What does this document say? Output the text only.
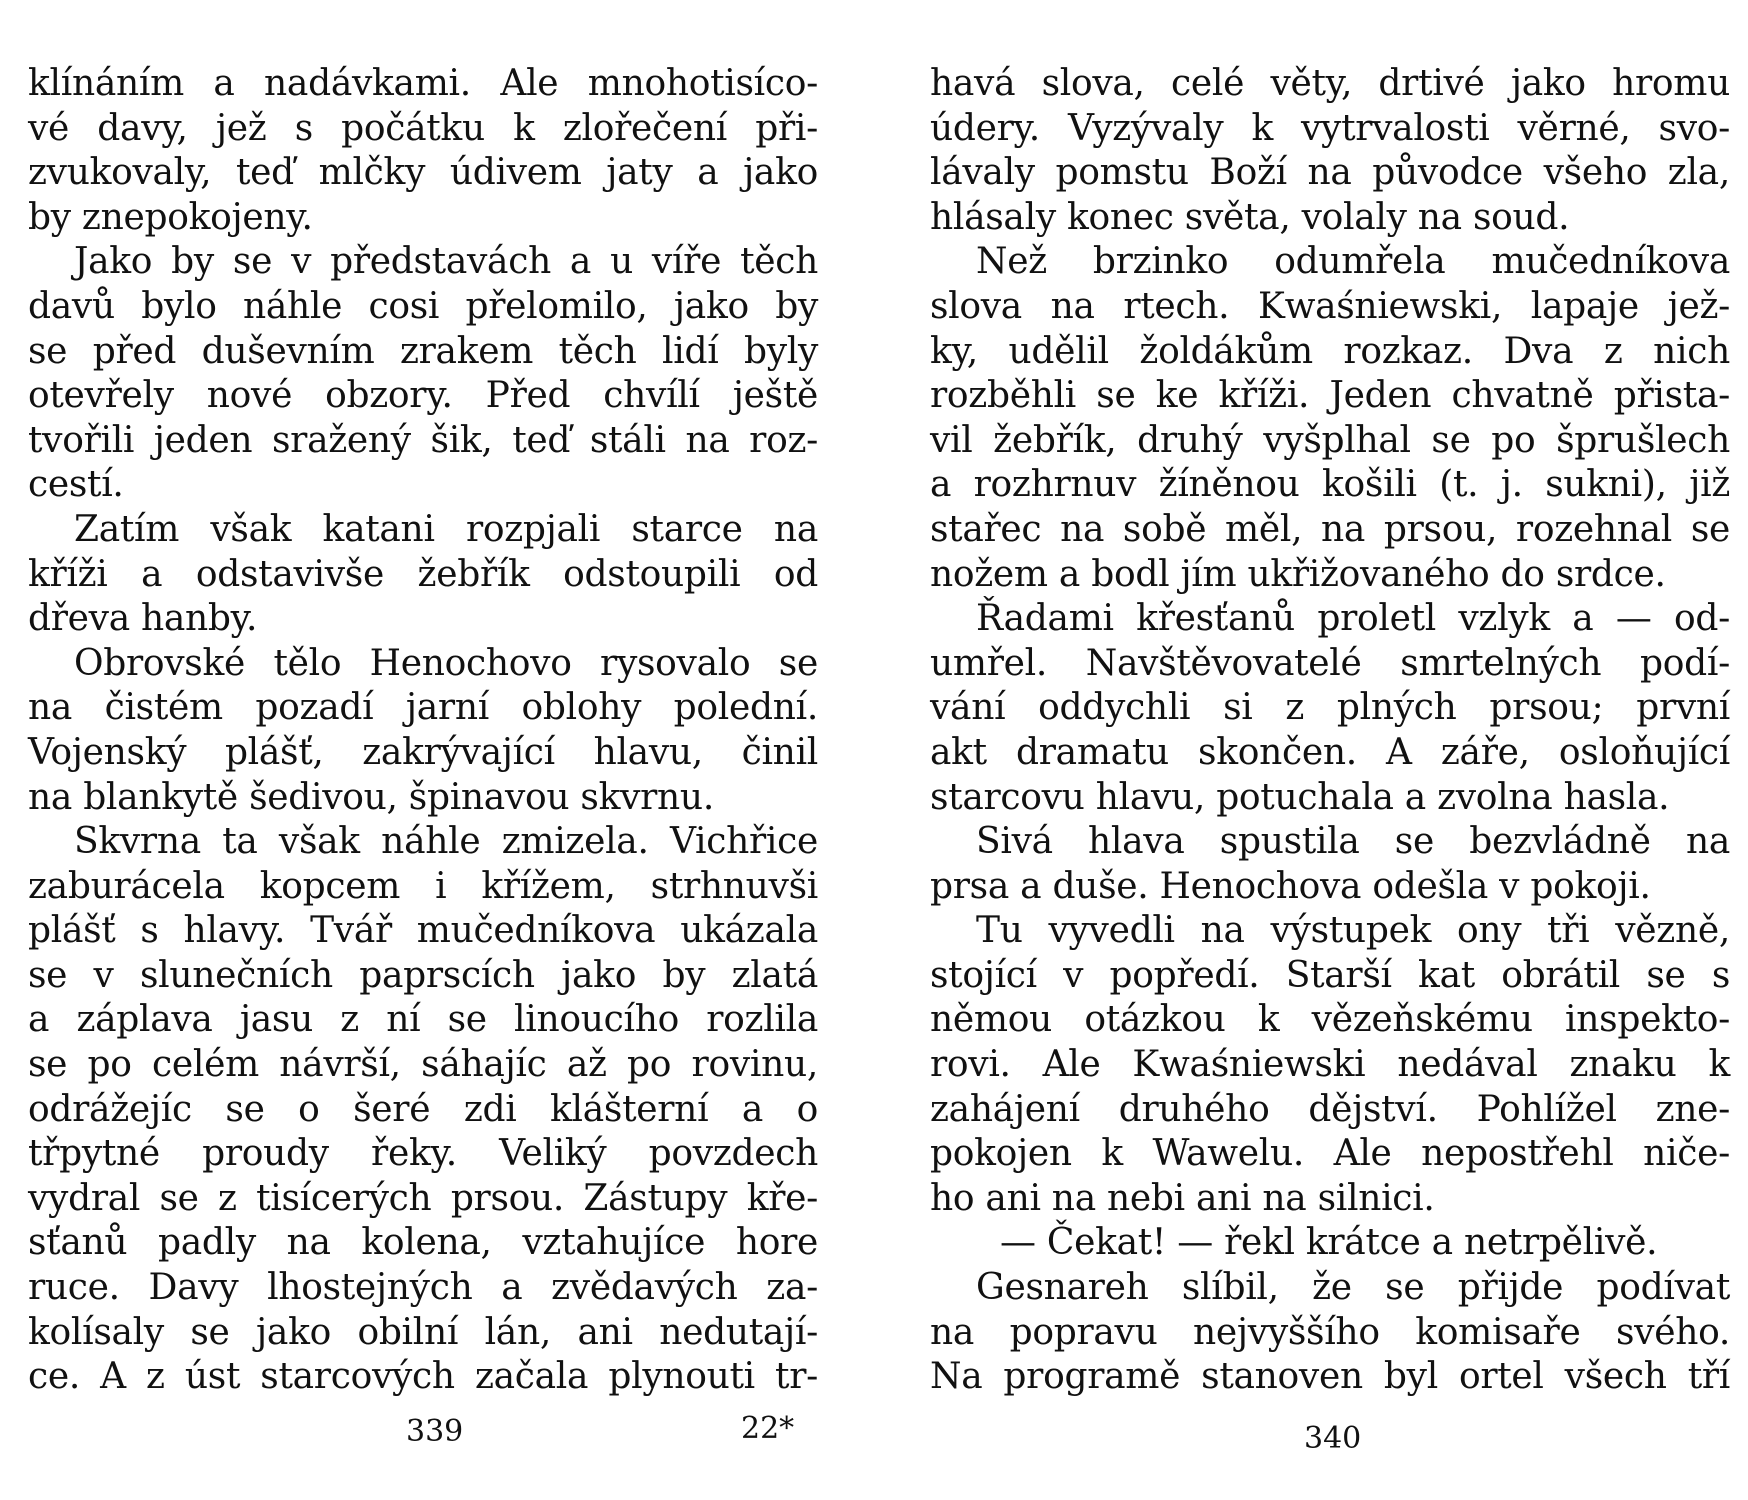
klínáním a nadávkami. Ale mnohotisíco-
vé davy, jež s počátku k zlořečení při-
zvukovaly, teď mlčky údivem jaty a jako
by znepokojeny.
Jako by se v představách a u víře těch
davů bylo náhle cosi přelomilo, jako by
se před duševním zrakem těch lidí byly
otevřely nové obzory. Před chvílí ještě
tvořili jeden sražený šik, teď stáli na roz-
cestí.
Zatím však katani rozpjali starce na
kříži a odstavivše žebřík odstoupili od
dřeva hanby.
Obrovské tělo Henochovo rysovalo se
na čistém pozadí jarní oblohy polední.
Vojenský plášť, zakrývající hlavu, činil
na blankytě šedivou, špinavou skvrnu.
Skvrna ta však náhle zmizela. Vichřice
zaburácela kopcem i křížem, strhnuvši
plášť s hlavy. Tvář mučedníkova ukázala
se v slunečních paprscích jako by zlatá
a záplava jasu z ní se linoucího rozlila
se po celém návrší, sáhajíc až po rovinu,
odrážejíc se o šeré zdi klášterní a o
třpytné proudy řeky. Veliký povzdech
vydral se z tisícerých prsou. Zástupy kře-
sťanů padly na kolena, vztahujíce hore
ruce. Davy lhostejných a zvědavých za-
kolísaly se jako obilní lán, ani nedutají-
ce. A z úst starcových začala plynouti tr-
339	22*
havá slova, celé věty, drtivé jako hromu
údery. Vyzývaly k vytrvalosti věrné, svo-
lávaly pomstu Boží na původce všeho zla,
hlásaly konec světa, volaly na soud.
Než brzinko odumřela mučedníkova
slova na rtech. Kwaśniewski, lapaje jež-
ky, udělil žoldákům rozkaz. Dva z nich
rozběhli se ke kříži. Jeden chvatně přista-
vil žebřík, druhý vyšplhal se po šprušlech
a rozhrnuv žíněnou košili (t. j. sukni), již
stařec na sobě měl, na prsou, rozehnal se
nožem a bodl jím ukřižovaného do srdce.
Řadami křesťanů proletl vzlyk a — od-
umřel. Navštěvovatelé smrtelných podí-
vání oddychli si z plných prsou; první
akt dramatu skončen. A záře, osloňující
starcovu hlavu, potuchala a zvolna hasla.
Sivá hlava spustila se bezvládně na
prsa a duše. Henochova odešla v pokoji.
Tu vyvedli na výstupek ony tři vězně,
stojící v popředí. Starší kat obrátil se s
němou otázkou k vězeňskému inspekto-
rovi. Ale Kwaśniewski nedával znaku k
zahájení druhého dějství. Pohlížel zne-
pokojen k Wawelu. Ale nepostřehl niče-
ho ani na nebi ani na silnici.
— Čekat! — řekl krátce a netrpělivě.
Gesnareh slíbil, že se přijde podívat
na popravu nejvyššího komisaře svého.
Na programě stanoven byl ortel všech tří
340
